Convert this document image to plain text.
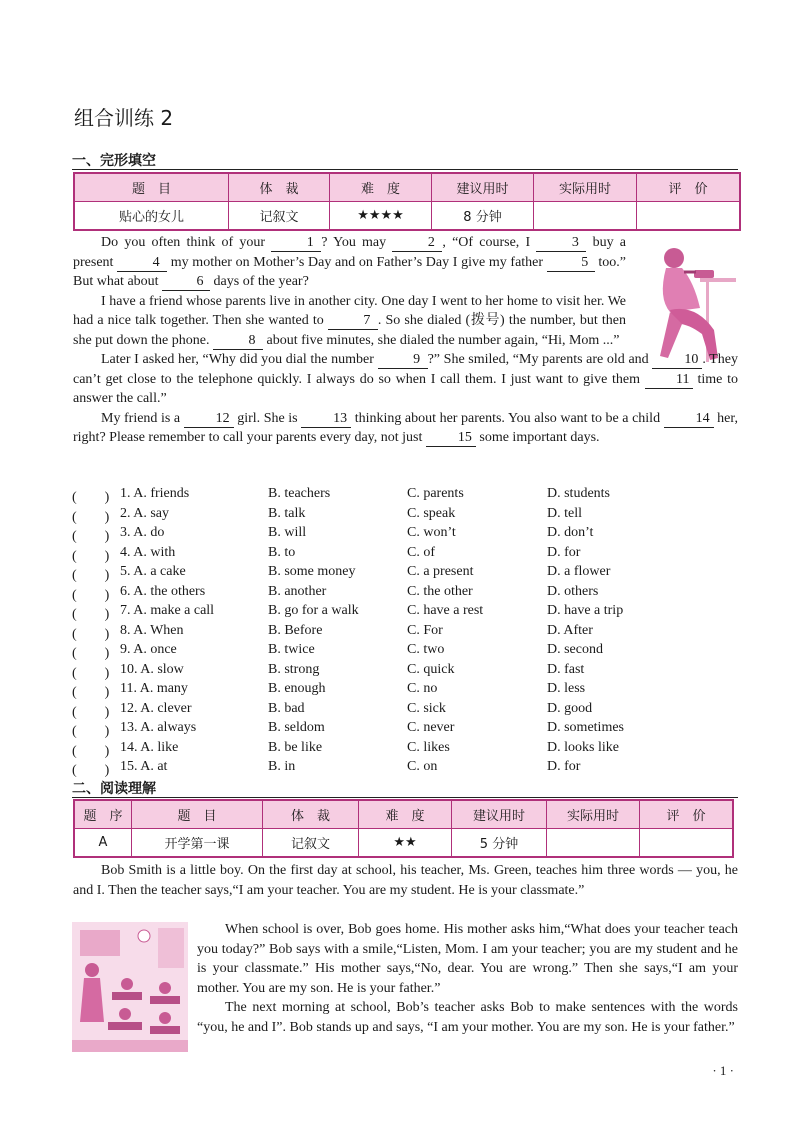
组合训练 2
一、完形填空
题　目	体　裁	难　度	建议用时	实际用时	评　价
贴心的女儿	记叙文	★★★★	8 分钟		

Do you often think of your	1 ? You may	2 , “Of course, I	3 buy a present	4 my mother on Mother’s Day and on Father’s Day I give my father 5 too.” But what about 6 days of the year?

I have a friend whose parents live in another city. One day I went to her home to visit her. We had a nice talk together. Then she wanted to	7 . So she dialed (拨号) the number, but then she put down the phone.	8 about five minutes, she dialed the number again, “Hi, Mom ...”

Later I asked her, “Why did you dial the number	9 ?” She smiled, “My parents are old and 10 . They can’t get close to the telephone quickly. I always do so when I call them. I just want to give them 11 time to answer the call.”

My friend is a 12 girl. She is 13 thinking about her parents. You also want to be a child 14 her, right? Please remember to call your parents every day, not just 15 some important days.

(　　) 1. A. friends	B. teachers	C. parents	D. students
(　　) 2. A. say	B. talk	C. speak	D. tell
(　　) 3. A. do	B. will	C. won’t	D. don’t
(　　) 4. A. with	B. to	C. of	D. for
(　　) 5. A. a cake	B. some money	C. a present	D. a flower
(　　) 6. A. the others	B. another	C. the other	D. others
(　　) 7. A. make a call	B. go for a walk	C. have a rest	D. have a trip
(　　) 8. A. When	B. Before	C. For	D. After
(　　) 9. A. once	B. twice	C. two	D. second
(　　) 10. A. slow	B. strong	C. quick	D. fast
(　　) 11. A. many	B. enough	C. no	D. less
(　　) 12. A. clever	B. bad	C. sick	D. good
(　　) 13. A. always	B. seldom	C. never	D. sometimes
(　　) 14. A. like	B. be like	C. likes	D. looks like
(　　) 15. A. at	B. in	C. on	D. for
二、阅读理解
题　序	题　目	体　裁	难　度	建议用时	实际用时	评　价
A	开学第一课	记叙文	★★	5 分钟		

Bob Smith is a little boy. On the first day at school, his teacher, Ms. Green, teaches him three words — you, he and I. Then the teacher says,“I am your teacher. You are my student. He is your classmate.”

When school is over, Bob goes home. His mother asks him,“What does your teacher teach you today?” Bob says with a smile,“Listen, Mom. I am your teacher; you are my student and he is your classmate.” His mother says,“No, dear. You are wrong.” Then she says,“I am your mother. You are my son. He is your father.”

The next morning at school, Bob’s teacher asks Bob to make sentences with the words “you, he and I”. Bob stands up and says, “I am your mother. You are my son. He is your father.”

· 1 ·
